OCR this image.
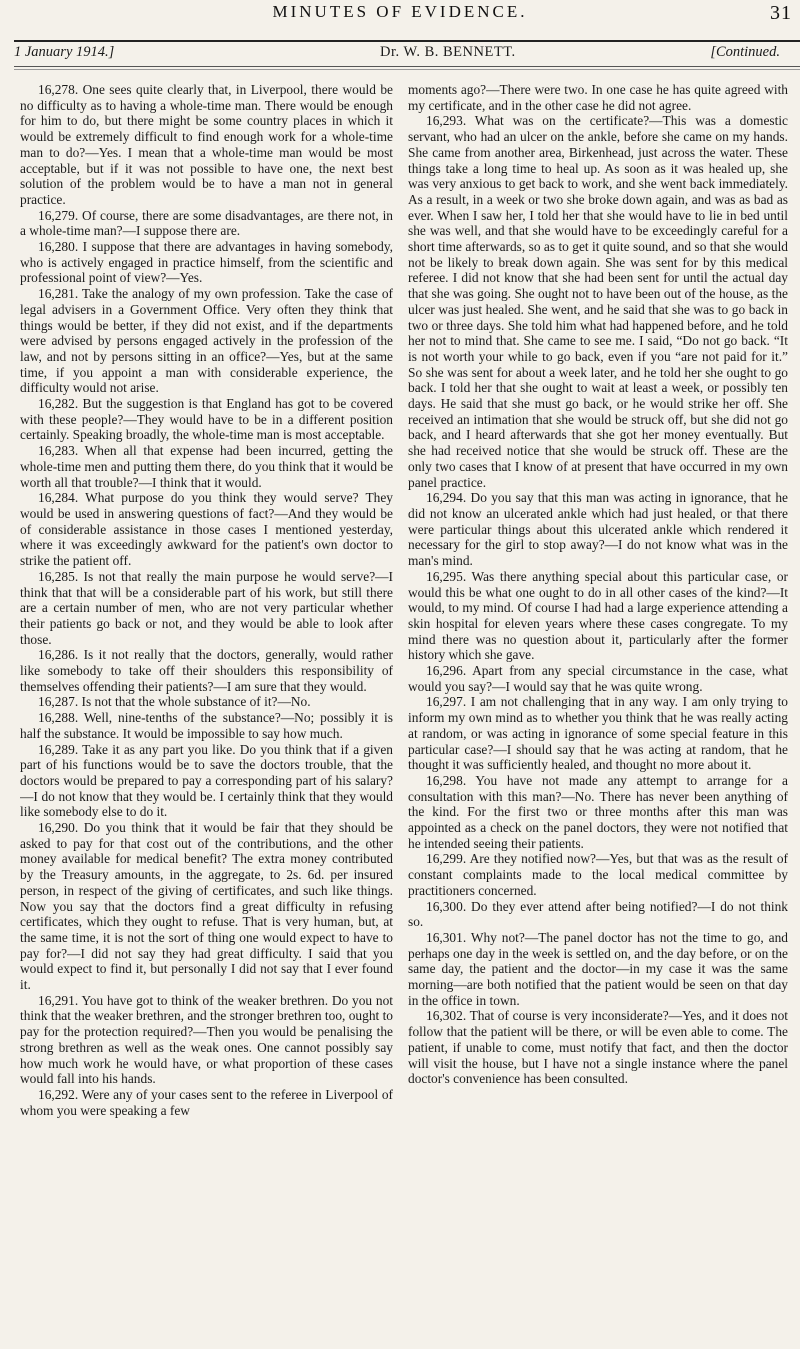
MINUTES OF EVIDENCE.	31
1 January 1914.]	Dr. W. B. BENNETT.	[Continued.

16,278. One sees quite clearly that, in Liverpool, there would be no difficulty as to having a whole-time man. There would be enough for him to do, but there might be some country places in which it would be extremely difficult to find enough work for a whole-time man to do?—Yes. I mean that a whole-time man would be most acceptable, but if it was not possible to have one, the next best solution of the problem would be to have a man not in general practice.

16,279. Of course, there are some disadvantages, are there not, in a whole-time man?—I suppose there are.

16,280. I suppose that there are advantages in having somebody, who is actively engaged in practice himself, from the scientific and professional point of view?—Yes.

16,281. Take the analogy of my own profession. Take the case of legal advisers in a Government Office. Very often they think that things would be better, if they did not exist, and if the departments were advised by persons engaged actively in the profession of the law, and not by persons sitting in an office?—Yes, but at the same time, if you appoint a man with considerable experience, the difficulty would not arise.

16,282. But the suggestion is that England has got to be covered with these people?—They would have to be in a different position certainly. Speaking broadly, the whole-time man is most acceptable.

16,283. When all that expense had been incurred, getting the whole-time men and putting them there, do you think that it would be worth all that trouble?—I think that it would.

16,284. What purpose do you think they would serve? They would be used in answering questions of fact?—And they would be of considerable assistance in those cases I mentioned yesterday, where it was exceedingly awkward for the patient's own doctor to strike the patient off.

16,285. Is not that really the main purpose he would serve?—I think that that will be a considerable part of his work, but still there are a certain number of men, who are not very particular whether their patients go back or not, and they would be able to look after those.

16,286. Is it not really that the doctors, generally, would rather like somebody to take off their shoulders this responsibility of themselves offending their patients?—I am sure that they would.

16,287. Is not that the whole substance of it?—No.

16,288. Well, nine-tenths of the substance?—No; possibly it is half the substance. It would be impossible to say how much.

16,289. Take it as any part you like. Do you think that if a given part of his functions would be to save the doctors trouble, that the doctors would be prepared to pay a corresponding part of his salary?—I do not know that they would be. I certainly think that they would like somebody else to do it.

16,290. Do you think that it would be fair that they should be asked to pay for that cost out of the contributions, and the other money available for medical benefit? The extra money contributed by the Treasury amounts, in the aggregate, to 2s. 6d. per insured person, in respect of the giving of certificates, and such like things. Now you say that the doctors find a great difficulty in refusing certificates, which they ought to refuse. That is very human, but, at the same time, it is not the sort of thing one would expect to have to pay for?—I did not say they had great difficulty. I said that you would expect to find it, but personally I did not say that I ever found it.

16,291. You have got to think of the weaker brethren. Do you not think that the weaker brethren, and the stronger brethren too, ought to pay for the protection required?—Then you would be penalising the strong brethren as well as the weak ones. One cannot possibly say how much work he would have, or what proportion of these cases would fall into his hands.

16,292. Were any of your cases sent to the referee in Liverpool of whom you were speaking a few

moments ago?—There were two. In one case he has quite agreed with my certificate, and in the other case he did not agree.

16,293. What was on the certificate?—This was a domestic servant, who had an ulcer on the ankle, before she came on my hands. She came from another area, Birkenhead, just across the water. These things take a long time to heal up. As soon as it was healed up, she was very anxious to get back to work, and she went back immediately. As a result, in a week or two she broke down again, and was as bad as ever. When I saw her, I told her that she would have to lie in bed until she was well, and that she would have to be exceedingly careful for a short time afterwards, so as to get it quite sound, and so that she would not be likely to break down again. She was sent for by this medical referee. I did not know that she had been sent for until the actual day that she was going. She ought not to have been out of the house, as the ulcer was just healed. She went, and he said that she was to go back in two or three days. She told him what had happened before, and he told her not to mind that. She came to see me. I said, “Do not go back. “It is not worth your while to go back, even if you “are not paid for it.” So she was sent for about a week later, and he told her she ought to go back. I told her that she ought to wait at least a week, or possibly ten days. He said that she must go back, or he would strike her off. She received an intimation that she would be struck off, but she did not go back, and I heard afterwards that she got her money eventually. But she had received notice that she would be struck off. These are the only two cases that I know of at present that have occurred in my own panel practice.

16,294. Do you say that this man was acting in ignorance, that he did not know an ulcerated ankle which had just healed, or that there were particular things about this ulcerated ankle which rendered it necessary for the girl to stop away?—I do not know what was in the man's mind.

16,295. Was there anything special about this particular case, or would this be what one ought to do in all other cases of the kind?—It would, to my mind. Of course I had had a large experience attending a skin hospital for eleven years where these cases congregate. To my mind there was no question about it, particularly after the former history which she gave.

16,296. Apart from any special circumstance in the case, what would you say?—I would say that he was quite wrong.

16,297. I am not challenging that in any way. I am only trying to inform my own mind as to whether you think that he was really acting at random, or was acting in ignorance of some special feature in this particular case?—I should say that he was acting at random, that he thought it was sufficiently healed, and thought no more about it.

16,298. You have not made any attempt to arrange for a consultation with this man?—No. There has never been anything of the kind. For the first two or three months after this man was appointed as a check on the panel doctors, they were not notified that he intended seeing their patients.

16,299. Are they notified now?—Yes, but that was as the result of constant complaints made to the local medical committee by practitioners concerned.

16,300. Do they ever attend after being notified?—I do not think so.

16,301. Why not?—The panel doctor has not the time to go, and perhaps one day in the week is settled on, and the day before, or on the same day, the patient and the doctor—in my case it was the same morning—are both notified that the patient would be seen on that day in the office in town.

16,302. That of course is very inconsiderate?—Yes, and it does not follow that the patient will be there, or will be even able to come. The patient, if unable to come, must notify that fact, and then the doctor will visit the house, but I have not a single instance where the panel doctor's convenience has been consulted.
